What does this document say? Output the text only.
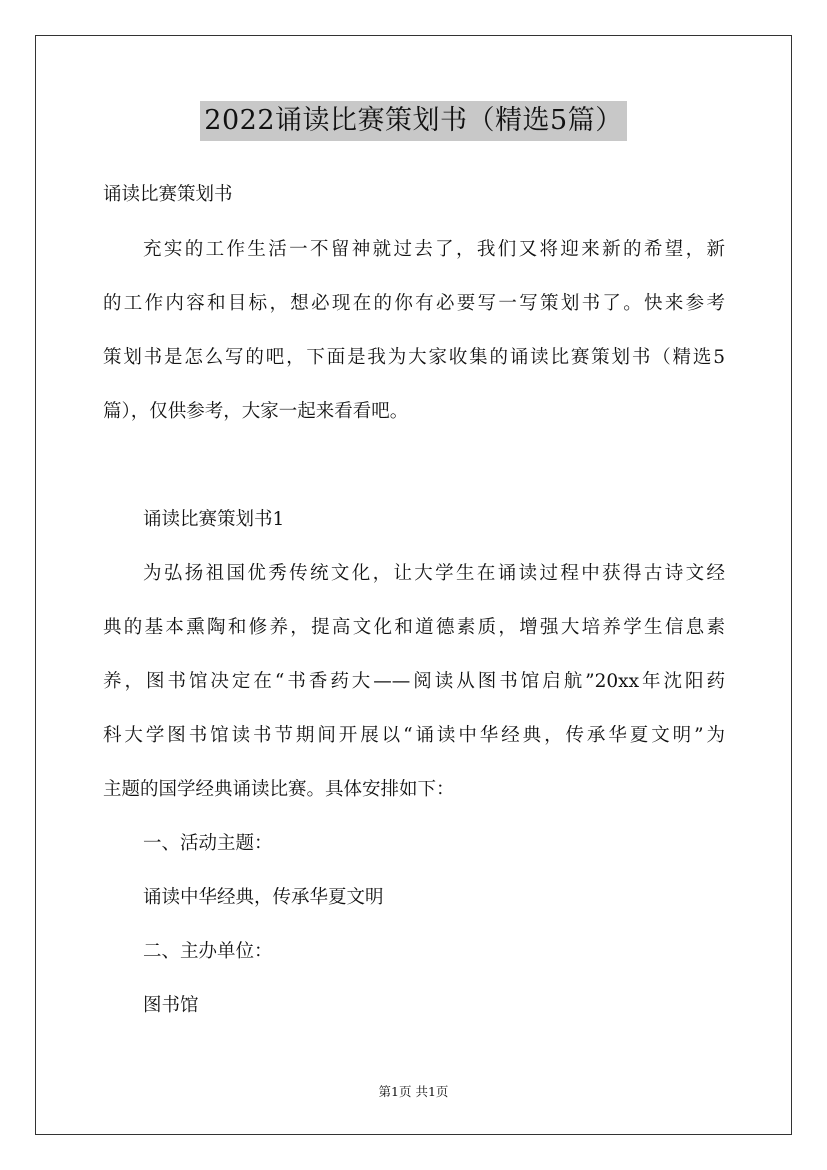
2022诵读比赛策划书（精选5篇）
诵读比赛策划书
充实的工作生活一不留神就过去了，我们又将迎来新的希望，新
的工作内容和目标，想必现在的你有必要写一写策划书了。快来参考
策划书是怎么写的吧，下面是我为大家收集的诵读比赛策划书（精选5
篇），仅供参考，大家一起来看看吧。
诵读比赛策划书1
为弘扬祖国优秀传统文化，让大学生在诵读过程中获得古诗文经
典的基本熏陶和修养，提高文化和道德素质，增强大培养学生信息素
养，图书馆决定在“书香药大——阅读从图书馆启航”20xx年沈阳药
科大学图书馆读书节期间开展以“诵读中华经典，传承华夏文明”为
主题的国学经典诵读比赛。具体安排如下：
一、活动主题：
诵读中华经典，传承华夏文明
二、主办单位：
图书馆
第1页 共1页
